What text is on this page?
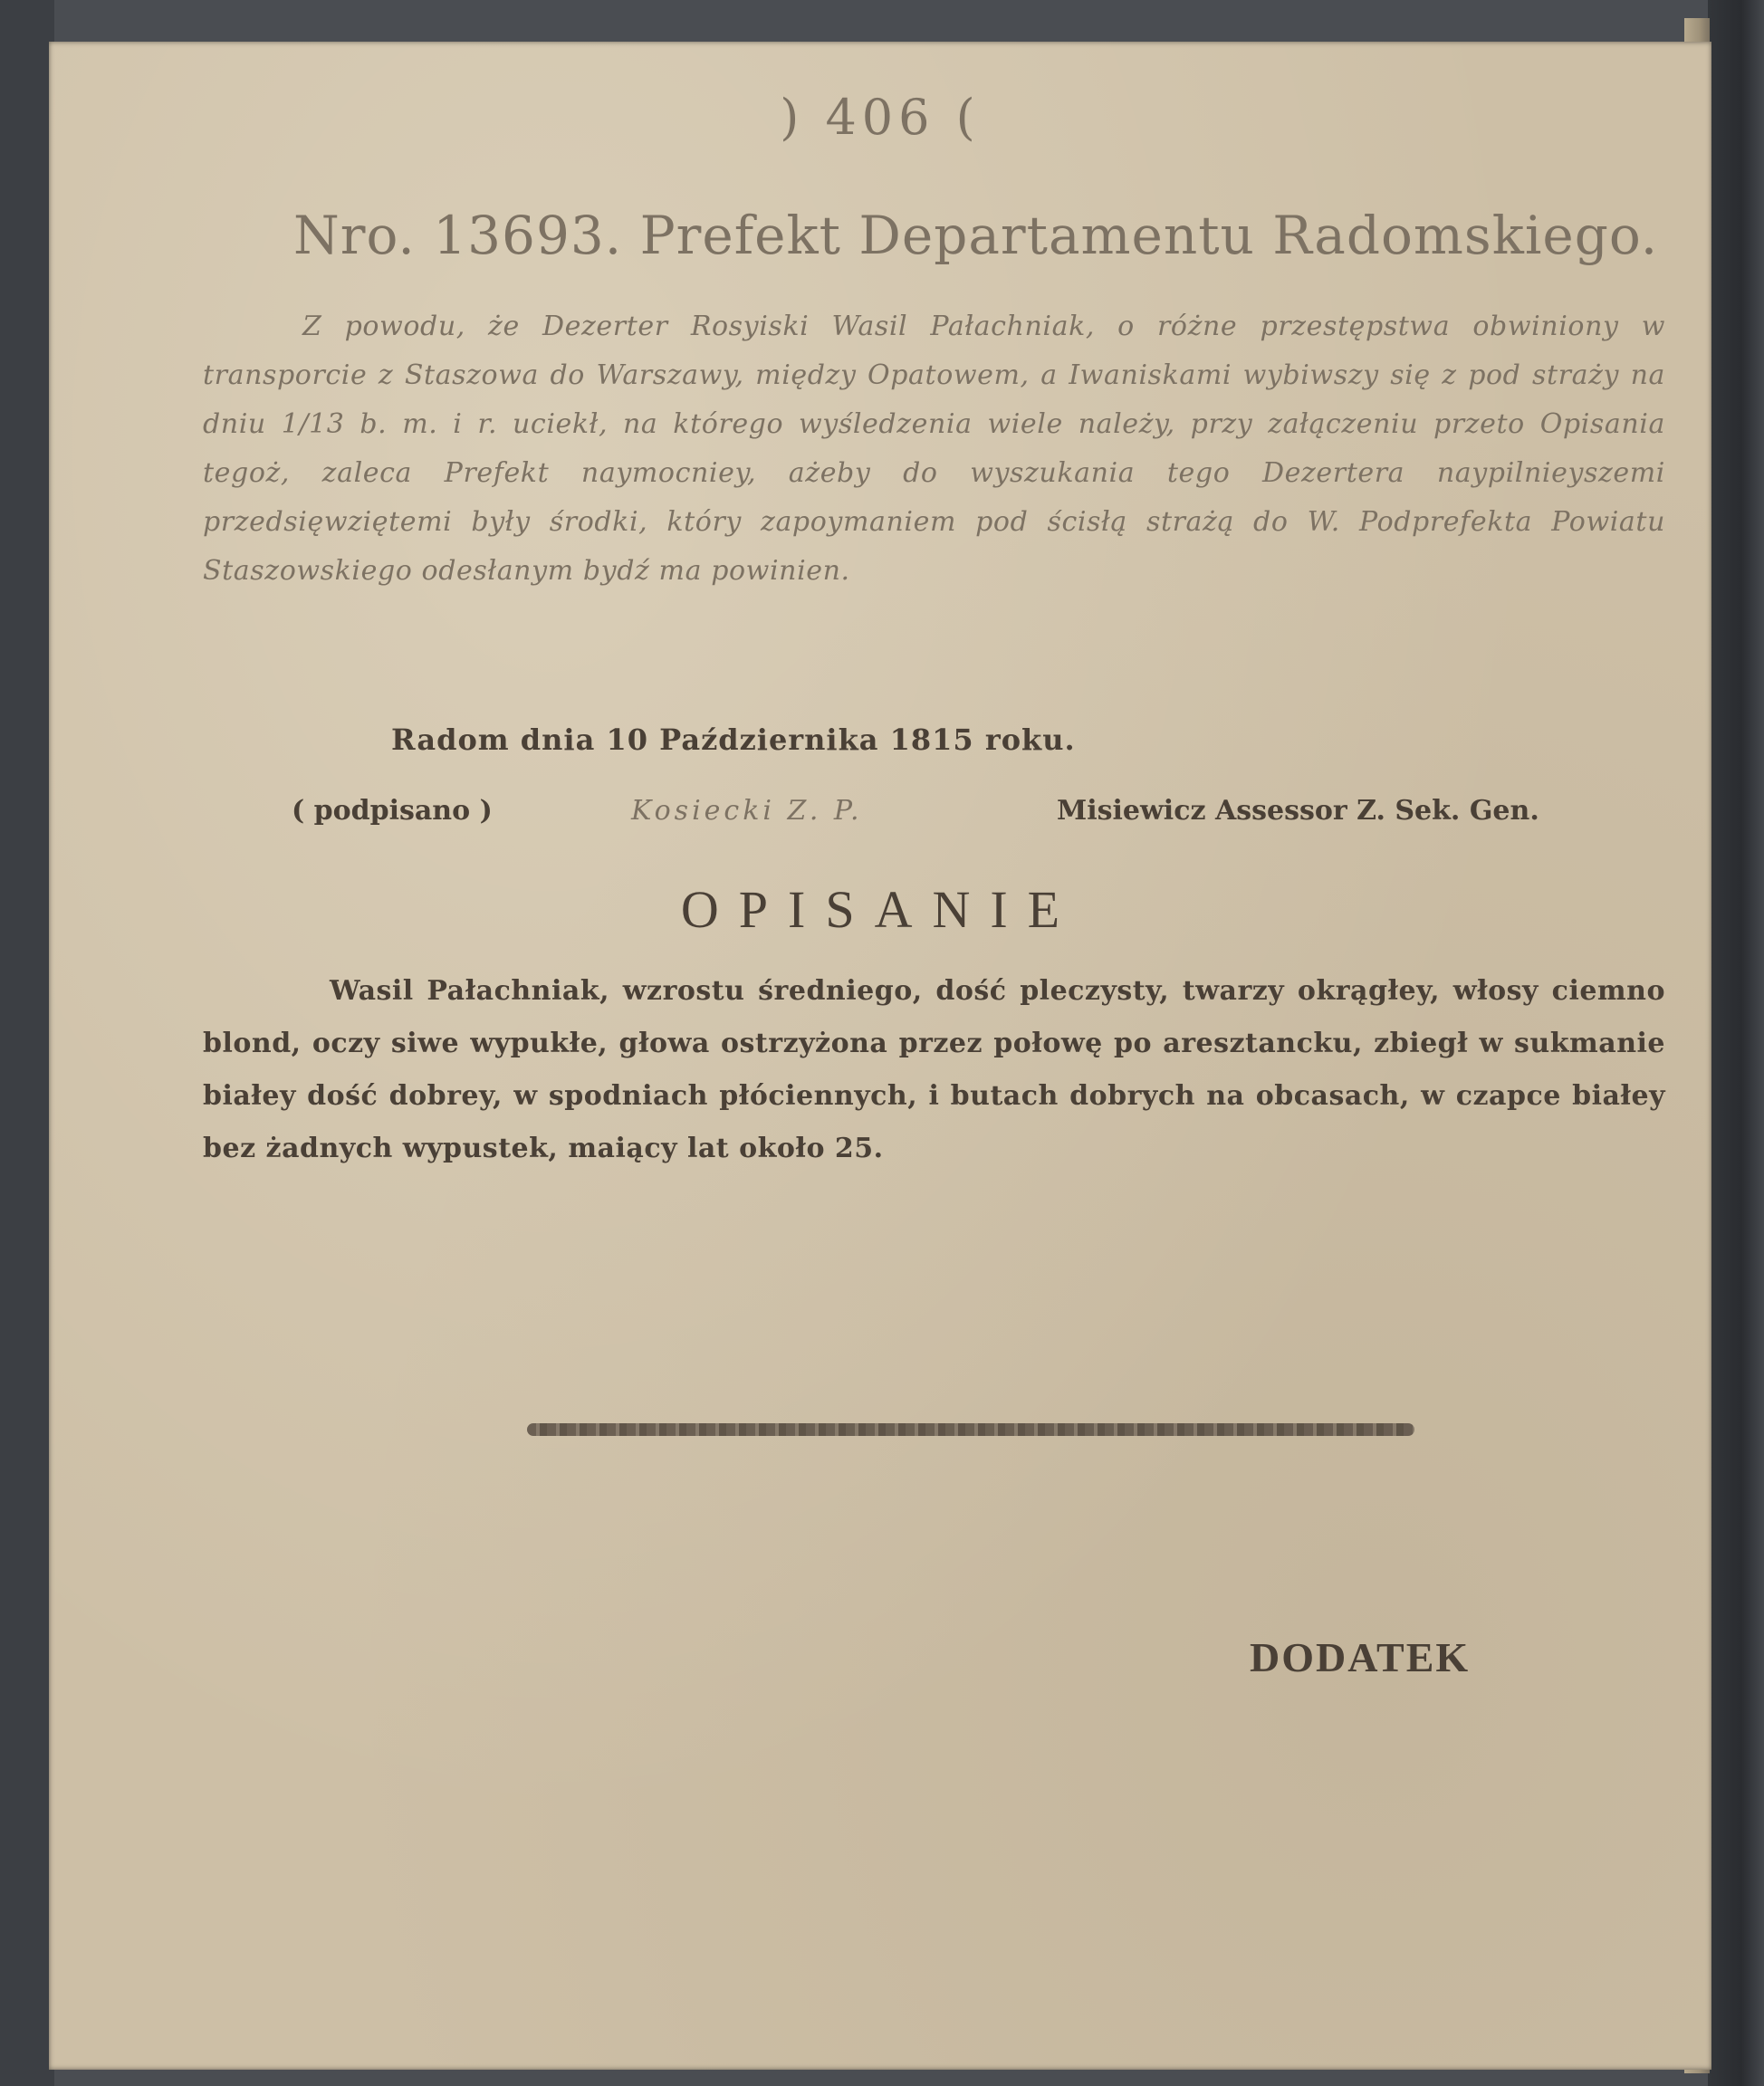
) 406 (
Nro. 13693. Prefekt Departamentu Radomskiego.
Z powodu, że Dezerter Rosyiski Wasil Pałachniak, o różne przestępstwa obwiniony w transporcie z Staszowa do Warszawy, między Opatowem, a Iwaniskami wybiwszy się z pod straży na dniu 1/13 b. m. i r. uciekł, na którego wyśledzenia wiele należy, przy załączeniu przeto Opisania tegoż, zaleca Prefekt naymocniey, ażeby do wyszukania tego Dezertera naypilnieyszemi przedsięwziętemi były środki, który zapoymaniem pod ścisłą strażą do W. Podprefekta Powiatu Staszowskiego odesłanym bydź ma powinien.
Radom dnia 10 Października 1815 roku.
( podpisano )	Kosiecki Z. P.	Misiewicz Assessor Z. Sek. Gen.
OPISANIE
Wasil Pałachniak, wzrostu średniego, dość pleczysty, twarzy okrągłey, włosy ciemno blond, oczy siwe wypukłe, głowa ostrzyżona przez połowę po aresztancku, zbiegł w sukmanie białey dość dobrey, w spodniach płóciennych, i butach dobrych na obcasach, w czapce białey bez żadnych wypustek, maiący lat około 25.
DODATEK
